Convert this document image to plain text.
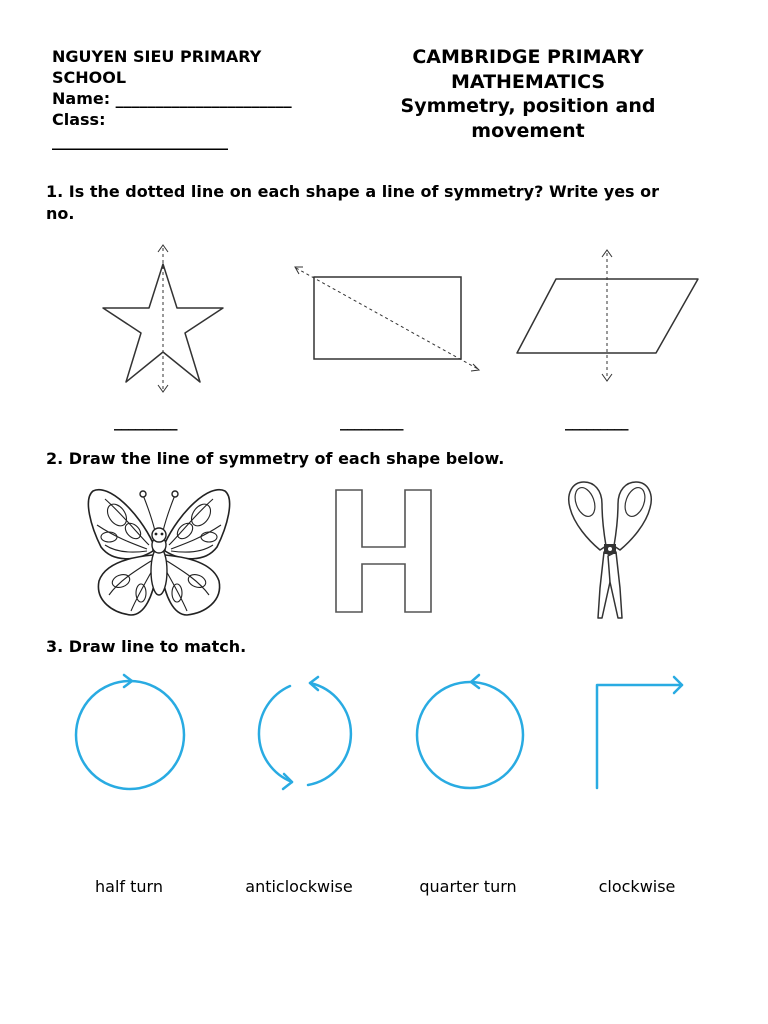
NGUYEN SIEU PRIMARY
SCHOOL
Name: ______________________
Class:
______________________
CAMBRIDGE PRIMARY
MATHEMATICS
Symmetry, position and
movement
1. Is the dotted line on each shape a line of symmetry? Write yes or
no.
_________	_________	_________
2. Draw the line of symmetry of each shape below.
3. Draw line to match.
half turn	anticlockwise	quarter turn	clockwise
